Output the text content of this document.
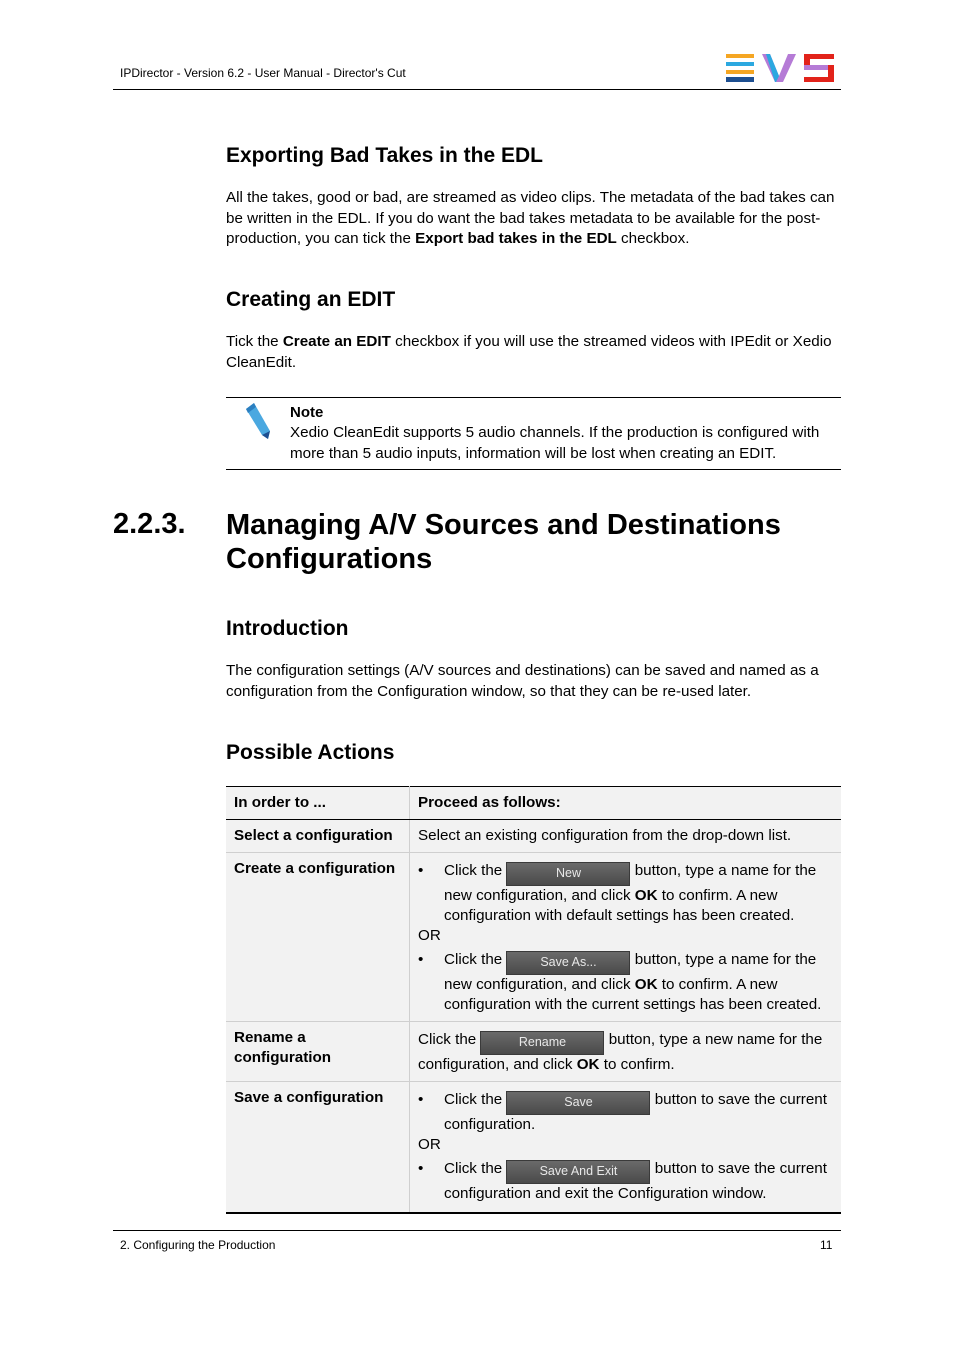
IPDirector - Version 6.2 - User Manual - Director's Cut
Exporting Bad Takes in the EDL
All the takes, good or bad, are streamed as video clips. The metadata of the bad takes can be written in the EDL. If you do want the bad takes metadata to be available for the post-production, you can tick the Export bad takes in the EDL checkbox.
Creating an EDIT
Tick the Create an EDIT checkbox if you will use the streamed videos with IPEdit or Xedio CleanEdit.
Note
Xedio CleanEdit supports 5 audio channels. If the production is configured with more than 5 audio inputs, information will be lost when creating an EDIT.
2.2.3. Managing A/V Sources and Destinations Configurations
Introduction
The configuration settings (A/V sources and destinations) can be saved and named as a configuration from the Configuration window, so that they can be re-used later.
Possible Actions
In order to ...	Proceed as follows:

Select a configuration	Select an existing configuration from the drop-down list.

Create a configuration	• Click the New button, type a name for the new configuration, and click OK to confirm. A new configuration with default settings has been created.
OR
• Click the Save As... button, type a name for the new configuration, and click OK to confirm. A new configuration with the current settings has been created.

Rename a configuration	Click the Rename button, type a new name for the configuration, and click OK to confirm.

Save a configuration	• Click the Save button to save the current configuration.
OR
• Click the Save And Exit button to save the current configuration and exit the Configuration window.
2. Configuring the Production	11
